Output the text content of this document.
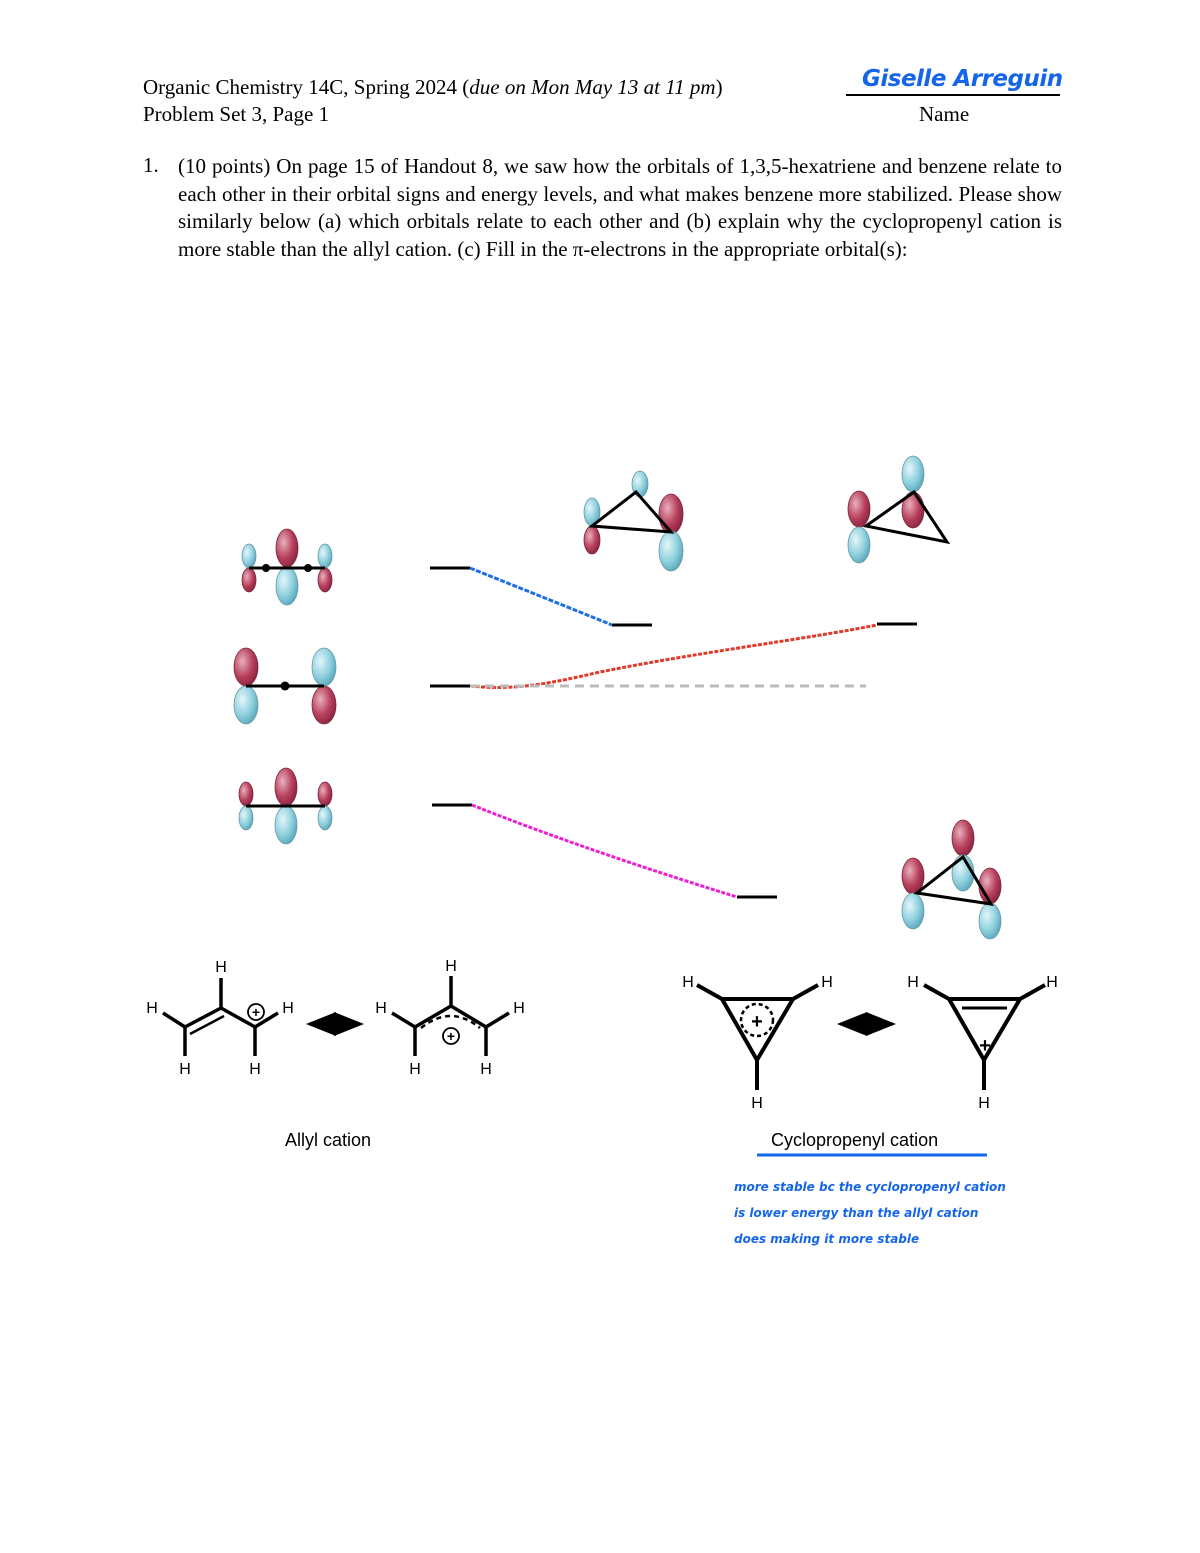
Organic Chemistry 14C, Spring 2024 (due on Mon May 13 at 11 pm)
Problem Set 3, Page 1
Giselle Arreguin
Name
1. (10 points) On page 15 of Handout 8, we saw how the orbitals of 1,3,5-hexatriene and benzene relate to each other in their orbital signs and energy levels, and what makes benzene more stabilized. Please show similarly below (a) which orbitals relate to each other and (b) explain why the cyclopropenyl cation is more stable than the allyl cation. (c) Fill in the π-electrons in the appropriate orbital(s):
H
H	H
H	H
+
H
H	H
H	H
+
H	H
H
+
H	H
H
+
Allyl cation	Cyclopropenyl cation
more stable bc the cyclopropenyl cation is lower energy than the allyl cation does making it more stable
